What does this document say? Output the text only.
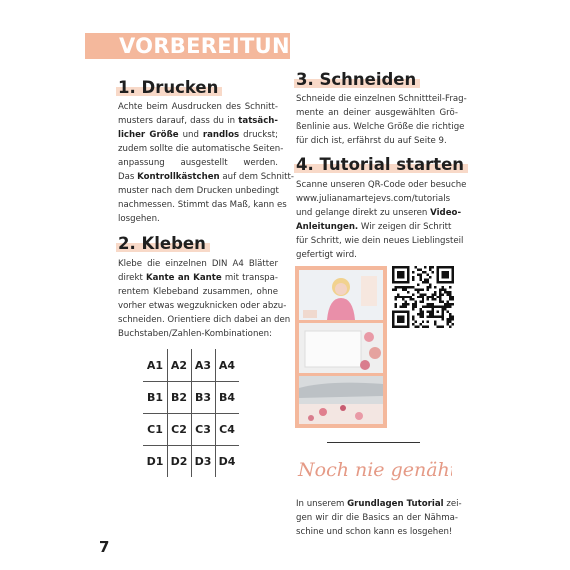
VORBEREITUNG
1. Drucken
Achte beim Ausdrucken des Schnitt-
musters darauf, dass du in tatsäch-
licher Größe und randlos druckst;
zudem sollte die automatische Seiten-
anpassung ausgestellt werden.
Das Kontrollkästchen auf dem Schnitt-
muster nach dem Drucken unbedingt
nachmessen. Stimmt das Maß, kann es
losgehen.
2. Kleben
Klebe die einzelnen DIN A4 Blätter
direkt Kante an Kante mit transpa-
rentem Klebeband zusammen, ohne
vorher etwas wegzuknicken oder abzu-
schneiden. Orientiere dich dabei an den
Buchstaben/Zahlen-Kombinationen:
A1 A2 A3 A4
B1 B2 B3 B4
C1 C2 C3 C4
D1 D2 D3 D4
3. Schneiden
Schneide die einzelnen Schnittteil-Frag-
mente an deiner ausgewählten Grö-
ßenlinie aus. Welche Größe die richtige
für dich ist, erfährst du auf Seite 9.
4. Tutorial starten
Scanne unseren QR-Code oder besuche
www.julianamartejevs.com/tutorials
und gelange direkt zu unseren Video-
Anleitungen. Wir zeigen dir Schritt
für Schritt, wie dein neues Lieblingsteil
gefertigt wird.
Noch nie genäht?
In unserem Grundlagen Tutorial zei-
gen wir dir die Basics an der Nähma-
schine und schon kann es losgehen!
7
